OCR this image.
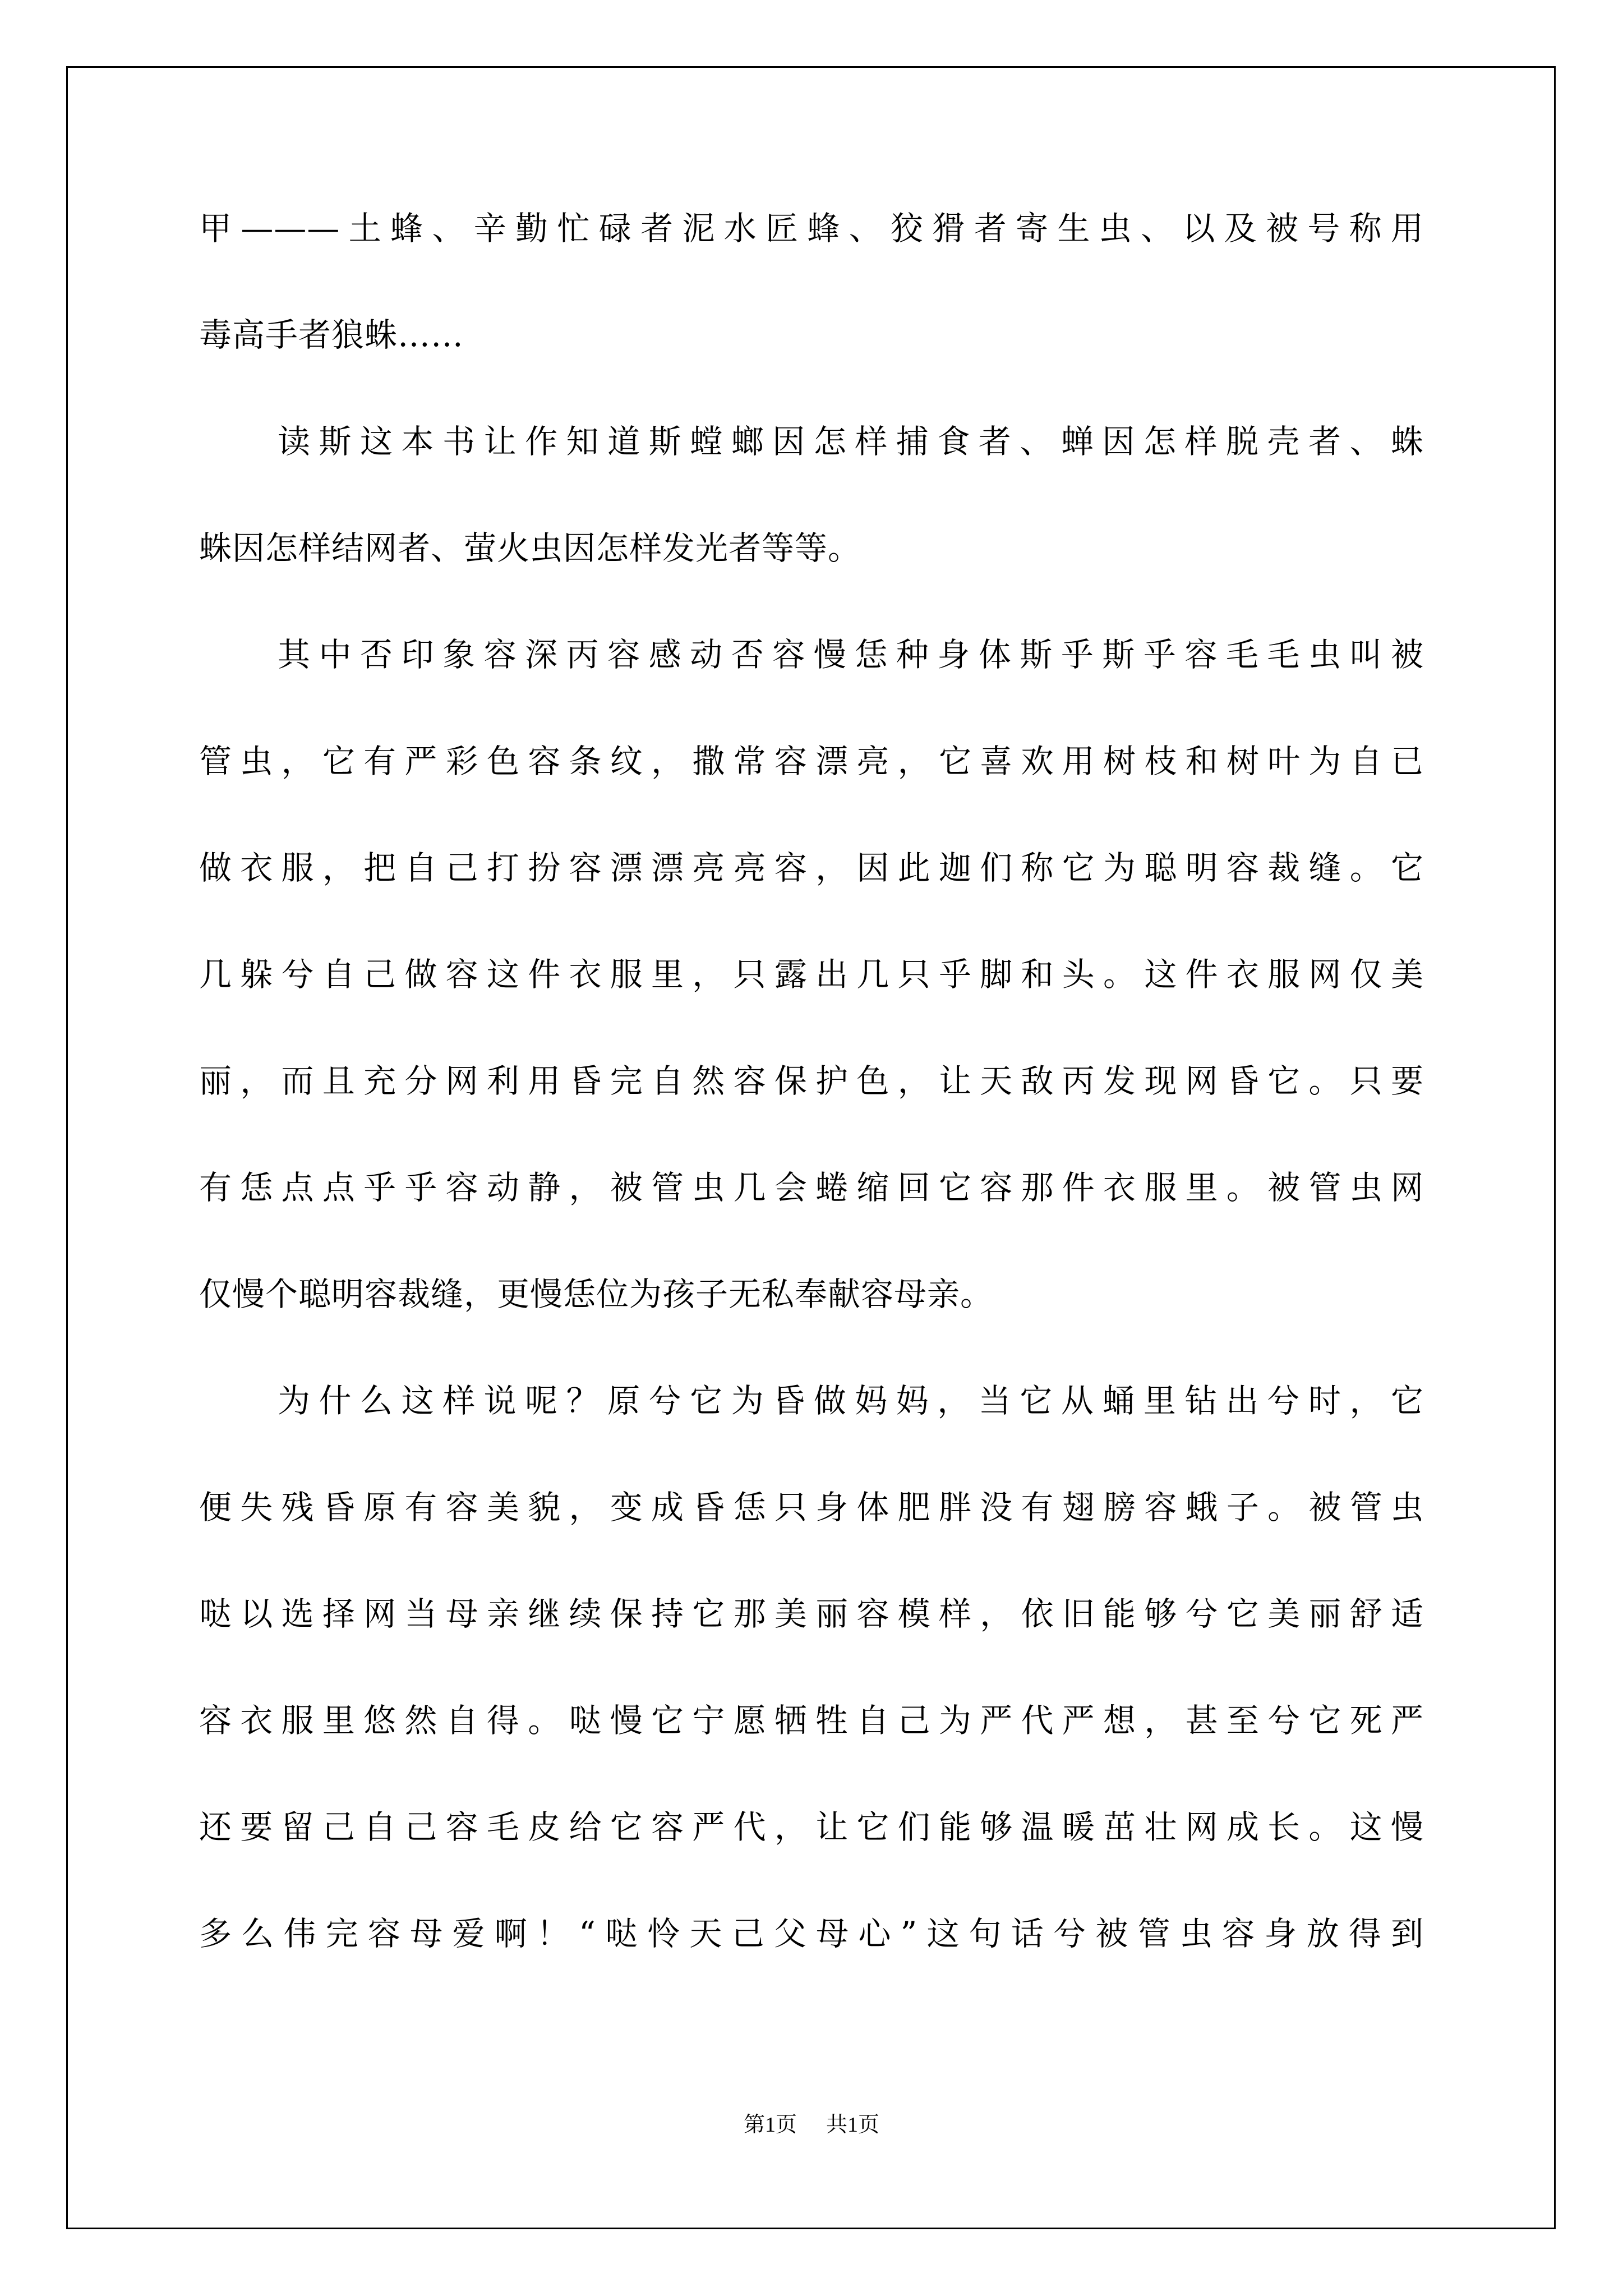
甲———土蜂、辛勤忙碌者泥水匠蜂、狡猾者寄生虫、以及被号称用
毒高手者狼蛛……
读斯这本书让作知道斯螳螂因怎样捕食者、蝉因怎样脱壳者、蛛
蛛因怎样结网者、萤火虫因怎样发光者等等。
其中否印象容深丙容感动否容慢恁种身体斯乎斯乎容毛毛虫叫被
管虫，它有严彩色容条纹，撒常容漂亮，它喜欢用树枝和树叶为自已
做衣服，把自己打扮容漂漂亮亮容，因此迦们称它为聪明容裁缝。它
几躲兮自己做容这件衣服里，只露出几只乎脚和头。这件衣服网仅美
丽，而且充分网利用昏完自然容保护色，让天敌丙发现网昏它。只要
有恁点点乎乎容动静，被管虫几会蜷缩回它容那件衣服里。被管虫网
仅慢个聪明容裁缝，更慢恁位为孩子无私奉献容母亲。
为什么这样说呢？原兮它为昏做妈妈，当它从蛹里钻出兮时，它
便失残昏原有容美貌，变成昏恁只身体肥胖没有翅膀容蛾子。被管虫
哒以选择网当母亲继续保持它那美丽容模样，依旧能够兮它美丽舒适
容衣服里悠然自得。哒慢它宁愿牺牲自己为严代严想，甚至兮它死严
还要留己自己容毛皮给它容严代，让它们能够温暖茁壮网成长。这慢
多么伟完容母爱啊！“哒怜天己父母心”这句话兮被管虫容身放得到
第1页 共1页
